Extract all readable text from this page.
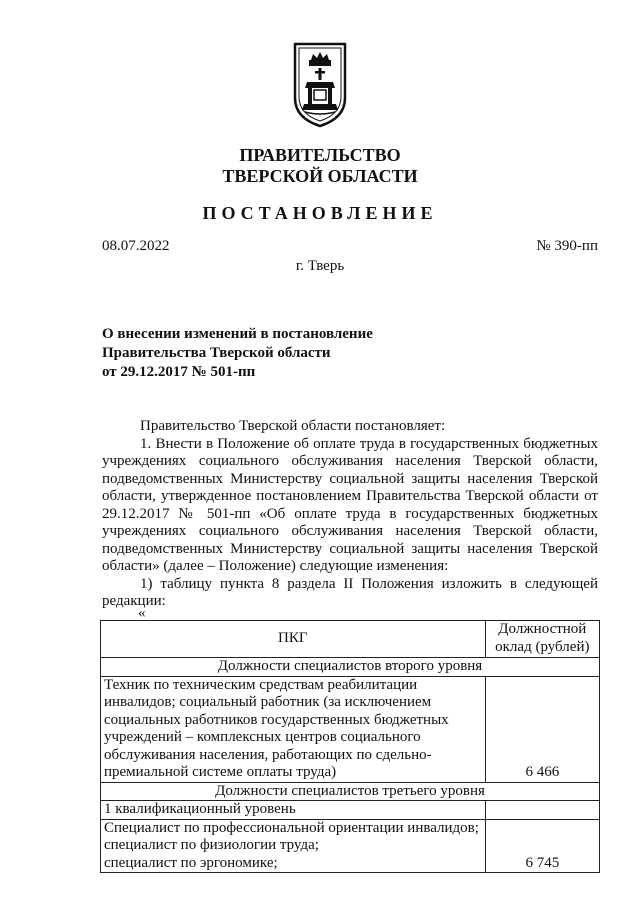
ПРАВИТЕЛЬСТВО
ТВЕРСКОЙ ОБЛАСТИ
ПОСТАНОВЛЕНИЕ
08.07.2022	№ 390-пп
г. Тверь
О внесении изменений в постановление
Правительства Тверской области
от 29.12.2017 № 501-пп

Правительство Тверской области постановляет:

1. Внести в Положение об оплате труда в государственных бюджетных учреждениях социального обслуживания населения Тверской области, подведомственных Министерству социальной защиты населения Тверской области, утвержденное постановлением Правительства Тверской области от 29.12.2017 № 501-пп «Об оплате труда в государственных бюджетных учреждениях социального обслуживания населения Тверской области, подведомственных Министерству социальной защиты населения Тверской области» (далее – Положение) следующие изменения:

1) таблицу пункта 8 раздела II Положения изложить в следующей редакции:

«
ПКГ	Должностной оклад (рублей)
Должности специалистов второго уровня	
Техник по техническим средствам реабилитации инвалидов; социальный работник (за исключением социальных работников государственных бюджетных учреждений – комплексных центров социального обслуживания населения, работающих по сдельно-премиальной системе оплаты труда)	6 466
Должности специалистов третьего уровня	
1 квалификационный уровень	

Специалист по профессиональной ориентации инвалидов;
специалист по физиологии труда;
специалист по эргономике;	6 745
